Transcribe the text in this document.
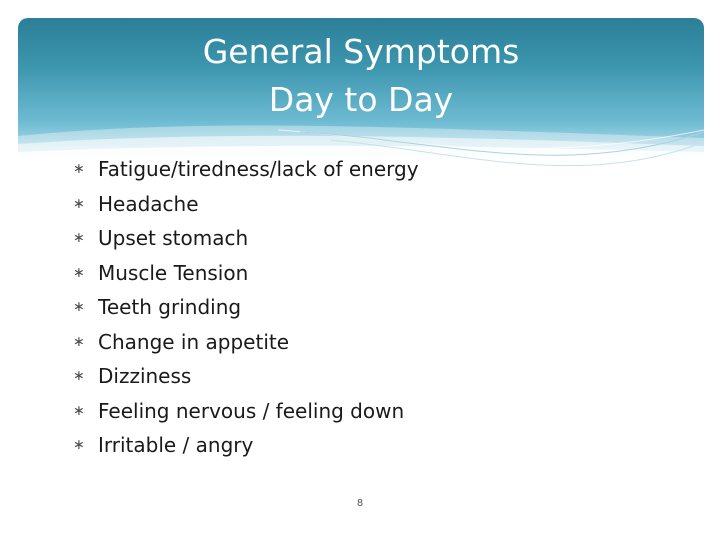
General Symptoms
Day to Day
∗ Fatigue/tiredness/lack of energy
∗ Headache
∗ Upset stomach
∗ Muscle Tension
∗ Teeth grinding
∗ Change in appetite
∗ Dizziness
∗ Feeling nervous / feeling down
∗ Irritable / angry
8
